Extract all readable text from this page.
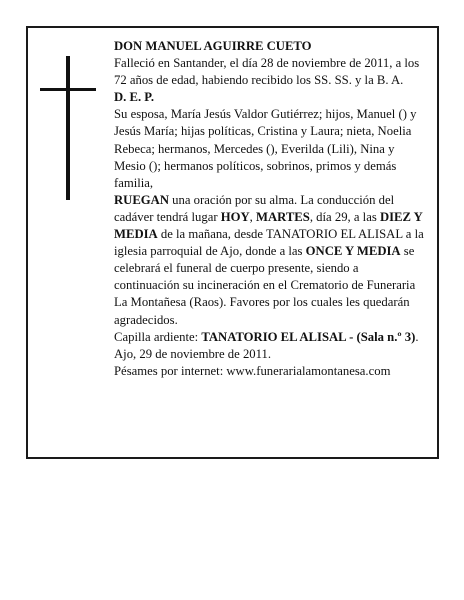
DON MANUEL AGUIRRE CUETO

Falleció en Santander, el día 28 de noviembre de 2011, a los 72 años de edad, habiendo recibido los SS. SS. y la B. A.

D. E. P.

Su esposa, María Jesús Valdor Gutiérrez; hijos, Manuel () y Jesús María; hijas políticas, Cristina y Laura; nieta, Noelia Rebeca; hermanos, Mercedes (), Everilda (Lili), Nina y Mesio (); hermanos políticos, sobrinos, primos y demás familia,

RUEGAN una oración por su alma. La conducción del cadáver tendrá lugar HOY, MARTES, día 29, a las DIEZ Y MEDIA de la mañana, desde TANATORIO EL ALISAL a la iglesia parroquial de Ajo, donde a las ONCE Y MEDIA se celebrará el funeral de cuerpo presente, siendo a continuación su incineración en el Crematorio de Funeraria La Montañesa (Raos). Favores por los cuales les quedarán agradecidos.

Capilla ardiente: TANATORIO EL ALISAL - (Sala n.º 3).

Ajo, 29 de noviembre de 2011.

Pésames por internet: www.funerarialamontanesa.com
